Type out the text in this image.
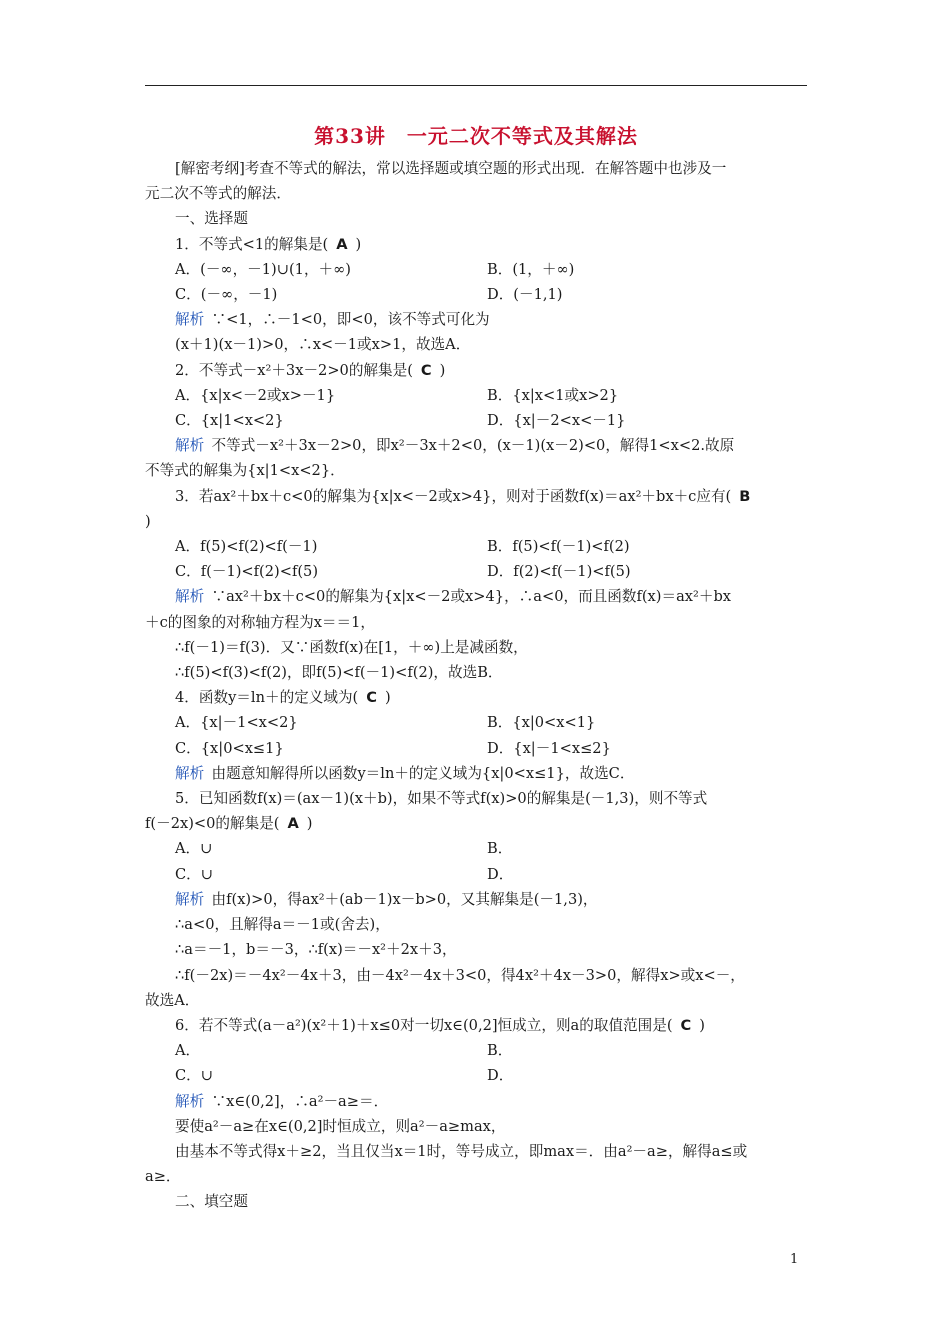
第33讲　一元二次不等式及其解法
[解密考纲]考查不等式的解法，常以选择题或填空题的形式出现．在解答题中也涉及一
元二次不等式的解法．
一、选择题
1．不等式<1的解集是( A )
A．(－∞，－1)∪(1，＋∞)	B．(1，＋∞)
C．(－∞，－1)	D．(－1,1)
解析  ∵<1，∴－1<0，即<0，该不等式可化为
(x＋1)(x－1)>0，∴x<－1或x>1，故选A．
2．不等式－x²＋3x－2>0的解集是( C )
A．{x|x<－2或x>－1}	B．{x|x<1或x>2}
C．{x|1<x<2}	D．{x|－2<x<－1}
解析  不等式－x²＋3x－2>0，即x²－3x＋2<0，(x－1)(x－2)<0，解得1<x<2.故原
不等式的解集为{x|1<x<2}．
3．若ax²＋bx＋c<0的解集为{x|x<－2或x>4}，则对于函数f(x)＝ax²＋bx＋c应有( B
)
A．f(5)<f(2)<f(－1)	B．f(5)<f(－1)<f(2)
C．f(－1)<f(2)<f(5)	D．f(2)<f(－1)<f(5)
解析  ∵ax²＋bx＋c<0的解集为{x|x<－2或x>4}，∴a<0，而且函数f(x)＝ax²＋bx
＋c的图象的对称轴方程为x＝＝1，
∴f(－1)＝f(3)．又∵函数f(x)在[1，＋∞)上是减函数，
∴f(5)<f(3)<f(2)，即f(5)<f(－1)<f(2)，故选B．
4．函数y＝ln＋的定义域为( C )
A．{x|－1<x<2}	B．{x|0<x<1}
C．{x|0<x≤1}	D．{x|－1<x≤2}
解析  由题意知解得所以函数y＝ln＋的定义域为{x|0<x≤1}，故选C．
5．已知函数f(x)＝(ax－1)(x＋b)，如果不等式f(x)>0的解集是(－1,3)，则不等式
f(－2x)<0的解集是( A )
A．∪	B．
C．∪	D．
解析  由f(x)>0，得ax²＋(ab－1)x－b>0，又其解集是(－1,3)，
∴a<0，且解得a＝－1或(舍去)，
∴a＝－1，b＝－3，∴f(x)＝－x²＋2x＋3，
∴f(－2x)＝－4x²－4x＋3，由－4x²－4x＋3<0，得4x²＋4x－3>0，解得x>或x<－，
故选A．
6．若不等式(a－a²)(x²＋1)＋x≤0对一切x∈(0,2]恒成立，则a的取值范围是( C )
A．	B．
C．∪	D．
解析  ∵x∈(0,2]，∴a²－a≥＝．
要使a²－a≥在x∈(0,2]时恒成立，则a²－a≥max，
由基本不等式得x＋≥2，当且仅当x＝1时，等号成立，即max＝．由a²－a≥，解得a≤或
a≥．
二、填空题
1
